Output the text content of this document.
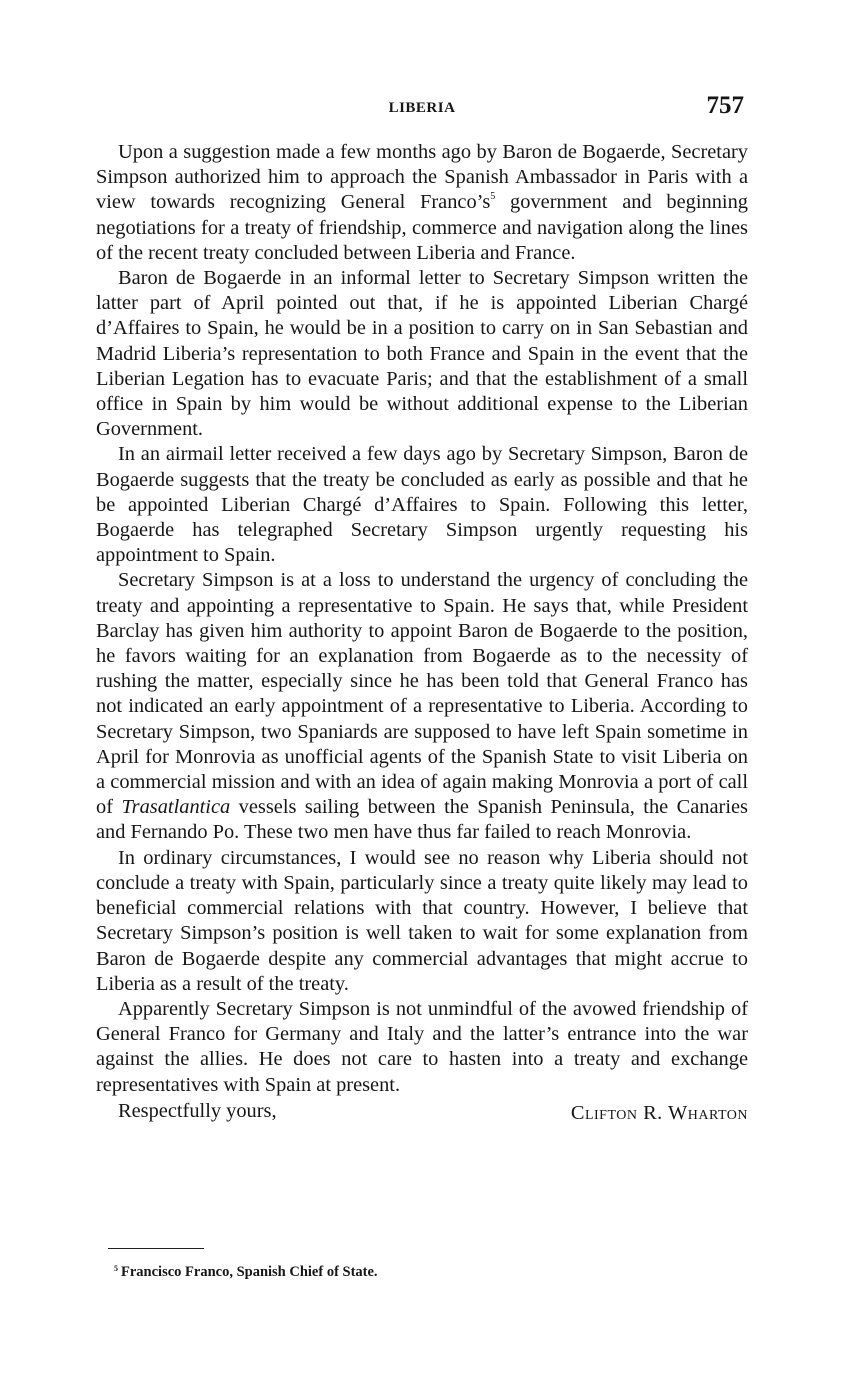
LIBERIA	757

Upon a suggestion made a few months ago by Baron de Bogaerde, Secretary Simpson authorized him to approach the Spanish Ambassador in Paris with a view towards recognizing General $Franco’s^5$ government and beginning negotiations for a treaty of friendship, commerce and navigation along the lines of the recent treaty concluded between Liberia and France.

Baron de Bogaerde in an informal letter to Secretary Simpson written the latter part of April pointed out that, if he is appointed Liberian Chargé d’Affaires to Spain, he would be in a position to carry on in San Sebastian and Madrid Liberia’s representation to both France and Spain in the event that the Liberian Legation has to evacuate Paris; and that the establishment of a small office in Spain by him would be without additional expense to the Liberian Government.

In an airmail letter received a few days ago by Secretary Simpson, Baron de Bogaerde suggests that the treaty be concluded as early as possible and that he be appointed Liberian Chargé d’Affaires to Spain. Following this letter, Bogaerde has telegraphed Secretary Simpson urgently requesting his appointment to Spain.

Secretary Simpson is at a loss to understand the urgency of concluding the treaty and appointing a representative to Spain. He says that, while President Barclay has given him authority to appoint Baron de Bogaerde to the position, he favors waiting for an explanation from Bogaerde as to the necessity of rushing the matter, especially since he has been told that General Franco has not indicated an early appointment of a representative to Liberia. According to Secretary Simpson, two Spaniards are supposed to have left Spain sometime in April for Monrovia as unofficial agents of the Spanish State to visit Liberia on a commercial mission and with an idea of again making Monrovia a port of call of Trasatlantica vessels sailing between the Spanish Peninsula, the Canaries and Fernando Po. These two men have thus far failed to reach Monrovia.

In ordinary circumstances, I would see no reason why Liberia should not conclude a treaty with Spain, particularly since a treaty quite likely may lead to beneficial commercial relations with that country. However, I believe that Secretary Simpson’s position is well taken to wait for some explanation from Baron de Bogaerde despite any commercial advantages that might accrue to Liberia as a result of the treaty.

Apparently Secretary Simpson is not unmindful of the avowed friendship of General Franco for Germany and Italy and the latter’s entrance into the war against the allies. He does not care to hasten into a treaty and exchange representatives with Spain at present.

Respectfully yours,	Clifton R. Wharton
$^5$ Francisco Franco, Spanish Chief of State.
